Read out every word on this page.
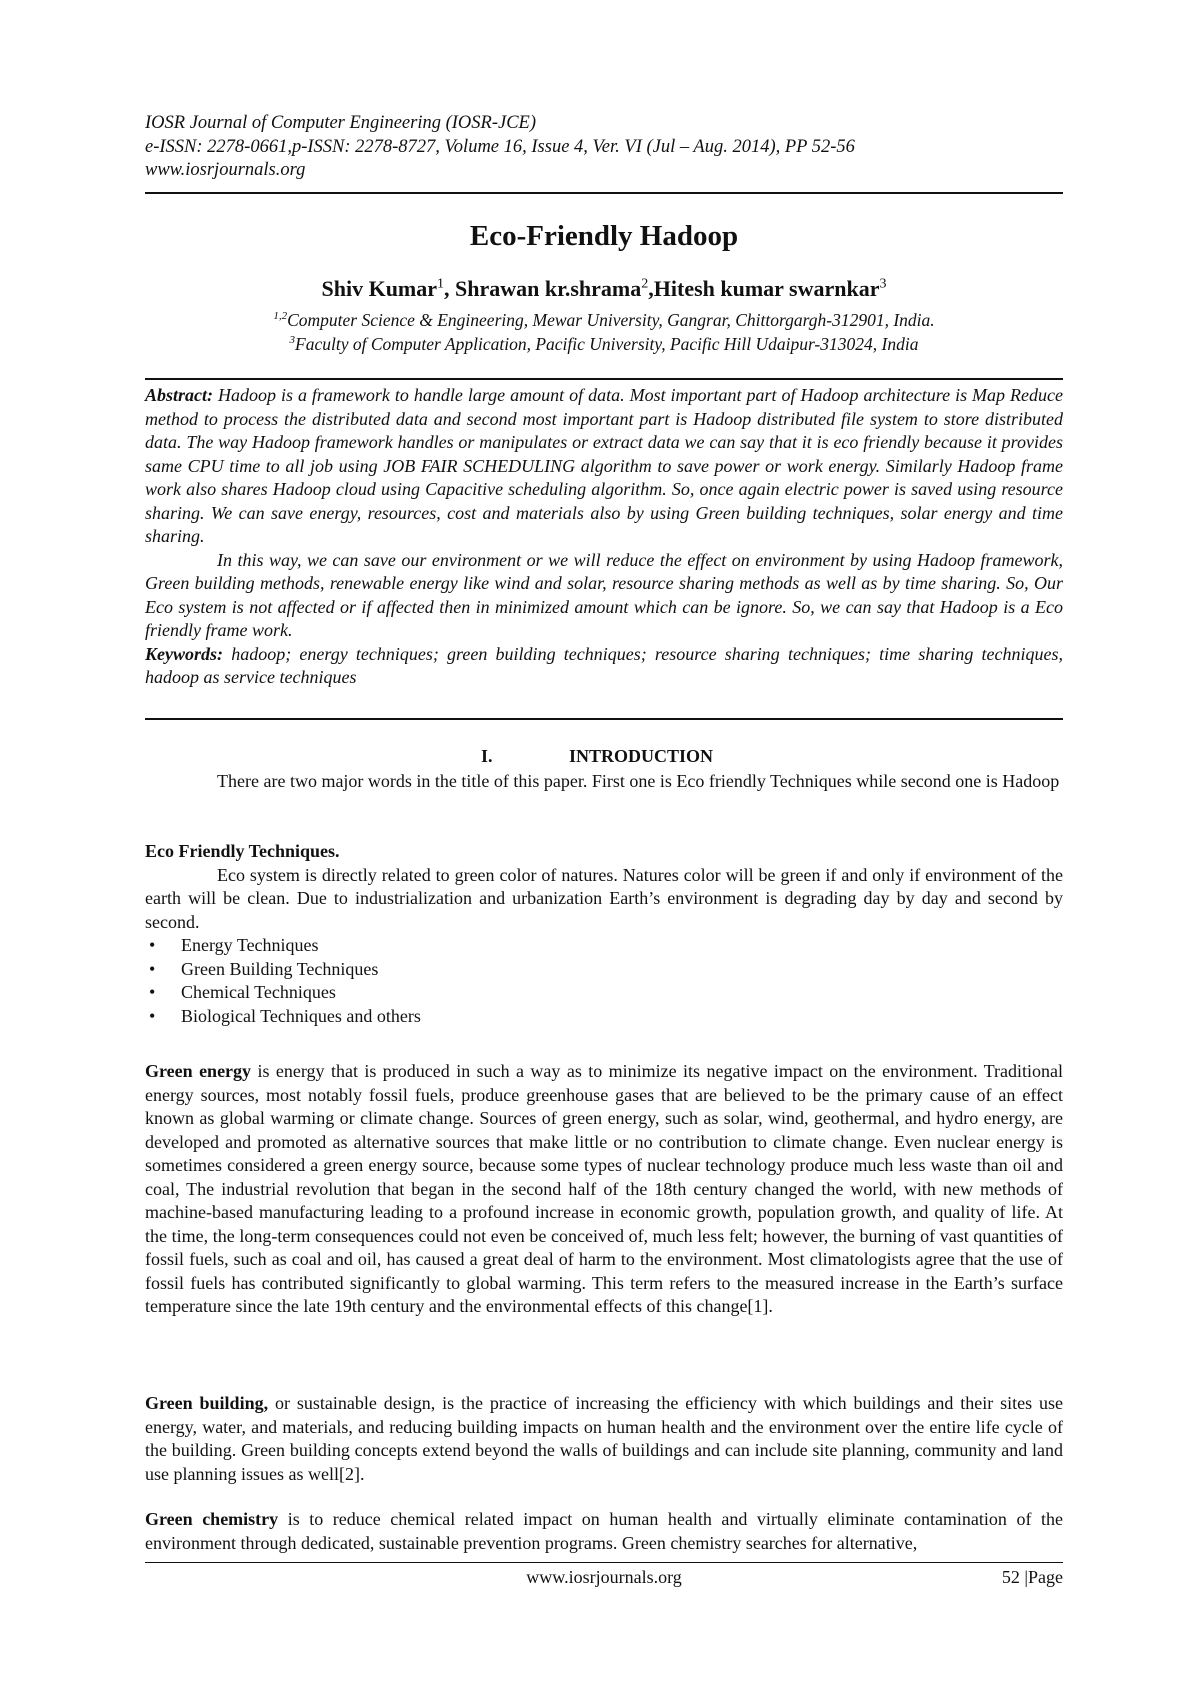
IOSR Journal of Computer Engineering (IOSR-JCE)
e-ISSN: 2278-0661,p-ISSN: 2278-8727, Volume 16, Issue 4, Ver. VI (Jul – Aug. 2014), PP 52-56
www.iosrjournals.org
Eco-Friendly Hadoop
Shiv Kumar$^1$, Shrawan kr.shrama$^2$,Hitesh kumar swarnkar$^3$
$^{1,2}$Computer Science & Engineering, Mewar University, Gangrar, Chittorgargh-312901, India.
$^3$Faculty of Computer Application, Pacific University, Pacific Hill Udaipur-313024, India

Abstract: Hadoop is a framework to handle large amount of data. Most important part of Hadoop architecture is Map Reduce method to process the distributed data and second most important part is Hadoop distributed file system to store distributed data. The way Hadoop framework handles or manipulates or extract data we can say that it is eco friendly because it provides same CPU time to all job using JOB FAIR SCHEDULING algorithm to save power or work energy. Similarly Hadoop frame work also shares Hadoop cloud using Capacitive scheduling algorithm. So, once again electric power is saved using resource sharing. We can save energy, resources, cost and materials also by using Green building techniques, solar energy and time sharing.

In this way, we can save our environment or we will reduce the effect on environment by using Hadoop framework, Green building methods, renewable energy like wind and solar, resource sharing methods as well as by time sharing. So, Our Eco system is not affected or if affected then in minimized amount which can be ignore. So, we can say that Hadoop is a Eco friendly frame work.

Keywords: hadoop; energy techniques; green building techniques; resource sharing techniques; time sharing techniques, hadoop as service techniques

I.	INTRODUCTION

There are two major words in the title of this paper. First one is Eco friendly Techniques while second one is Hadoop

Eco Friendly Techniques.

Eco system is directly related to green color of natures. Natures color will be green if and only if environment of the earth will be clean. Due to industrialization and urbanization Earth’s environment is degrading day by day and second by second.

• Energy Techniques
• Green Building Techniques
• Chemical Techniques
• Biological Techniques and others

Green energy is energy that is produced in such a way as to minimize its negative impact on the environment. Traditional energy sources, most notably fossil fuels, produce greenhouse gases that are believed to be the primary cause of an effect known as global warming or climate change. Sources of green energy, such as solar, wind, geothermal, and hydro energy, are developed and promoted as alternative sources that make little or no contribution to climate change. Even nuclear energy is sometimes considered a green energy source, because some types of nuclear technology produce much less waste than oil and coal, The industrial revolution that began in the second half of the 18th century changed the world, with new methods of machine-based manufacturing leading to a profound increase in economic growth, population growth, and quality of life. At the time, the long-term consequences could not even be conceived of, much less felt; however, the burning of vast quantities of fossil fuels, such as coal and oil, has caused a great deal of harm to the environment. Most climatologists agree that the use of fossil fuels has contributed significantly to global warming. This term refers to the measured increase in the Earth’s surface temperature since the late 19th century and the environmental effects of this change[1].

Green building, or sustainable design, is the practice of increasing the efficiency with which buildings and their sites use energy, water, and materials, and reducing building impacts on human health and the environment over the entire life cycle of the building. Green building concepts extend beyond the walls of buildings and can include site planning, community and land use planning issues as well[2].

Green chemistry is to reduce chemical related impact on human health and virtually eliminate contamination of the environment through dedicated, sustainable prevention programs. Green chemistry searches for alternative,

www.iosrjournals.org	52 |Page
